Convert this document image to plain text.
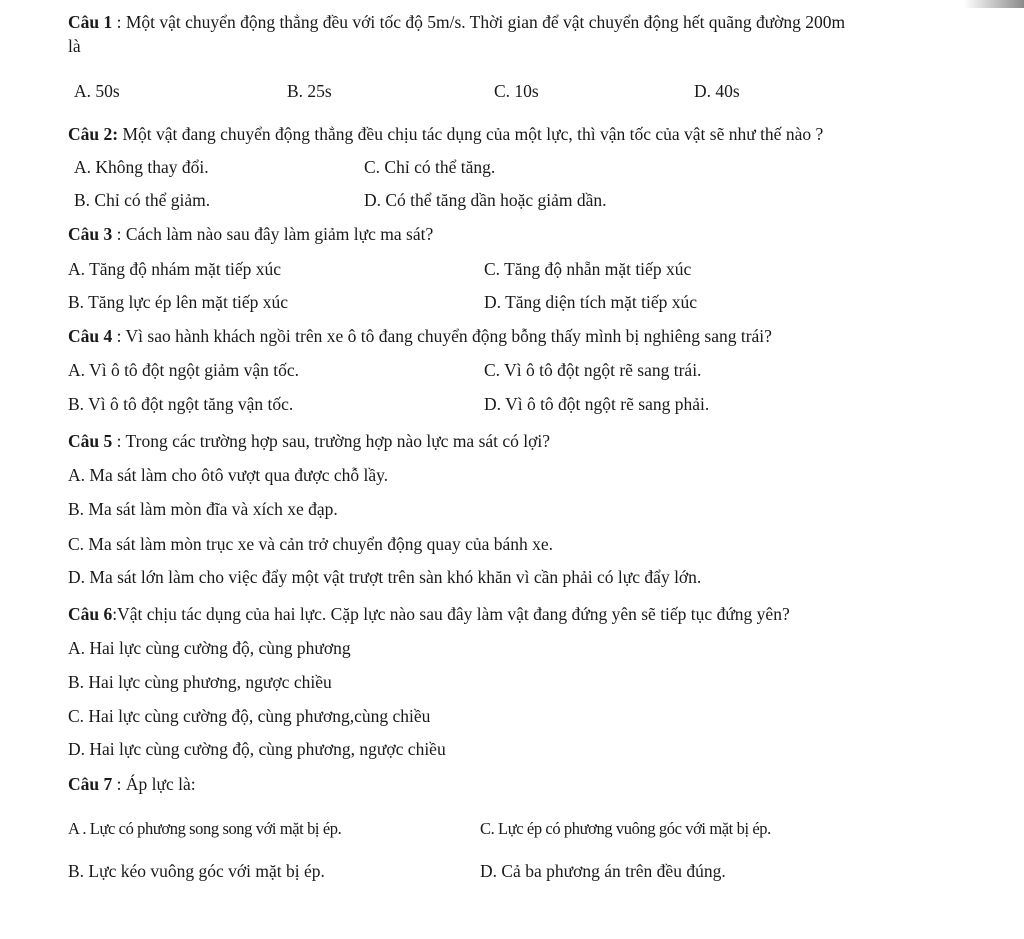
Câu 1 : Một vật chuyển động thẳng đều với tốc độ 5m/s. Thời gian để vật chuyển động hết quãng đường 200m
là
A. 50s	B. 25s	C. 10s	D. 40s
Câu 2: Một vật đang chuyển động thẳng đều chịu tác dụng của một lực, thì vận tốc của vật sẽ như thế nào ?
A. Không thay đổi.	C. Chỉ có thể tăng.
B. Chỉ có thể giảm.	D. Có thể tăng dần hoặc giảm dần.
Câu 3 : Cách làm nào sau đây làm giảm lực ma sát?
A. Tăng độ nhám mặt tiếp xúc	C. Tăng độ nhẵn mặt tiếp xúc
B. Tăng lực ép lên mặt tiếp xúc	D. Tăng diện tích mặt tiếp xúc
Câu 4 : Vì sao hành khách ngồi trên xe ô tô đang chuyển động bỗng thấy mình bị nghiêng sang trái?
A. Vì ô tô đột ngột giảm vận tốc.	C. Vì ô tô đột ngột rẽ sang trái.
B. Vì ô tô đột ngột tăng vận tốc.	D. Vì ô tô đột ngột rẽ sang phải.
Câu 5 : Trong các trường hợp sau, trường hợp nào lực ma sát có lợi?
A. Ma sát làm cho ôtô vượt qua được chỗ lầy.
B. Ma sát làm mòn đĩa và xích xe đạp.
C. Ma sát làm mòn trục xe và cản trở chuyển động quay của bánh xe.
D. Ma sát lớn làm cho việc đẩy một vật trượt trên sàn khó khăn vì cần phải có lực đẩy lớn.
Câu 6:Vật chịu tác dụng của hai lực. Cặp lực nào sau đây làm vật đang đứng yên sẽ tiếp tục đứng yên?
A. Hai lực cùng cường độ, cùng phương
B. Hai lực cùng phương, ngược chiều
C. Hai lực cùng cường độ, cùng phương,cùng chiều
D. Hai lực cùng cường độ, cùng phương, ngược chiều
Câu 7 : Áp lực là:
A . Lực có phương song song với mặt bị ép.	C. Lực ép có phương vuông góc với mặt bị ép.
B. Lực kéo vuông góc với mặt bị ép.	D. Cả ba phương án trên đều đúng.
